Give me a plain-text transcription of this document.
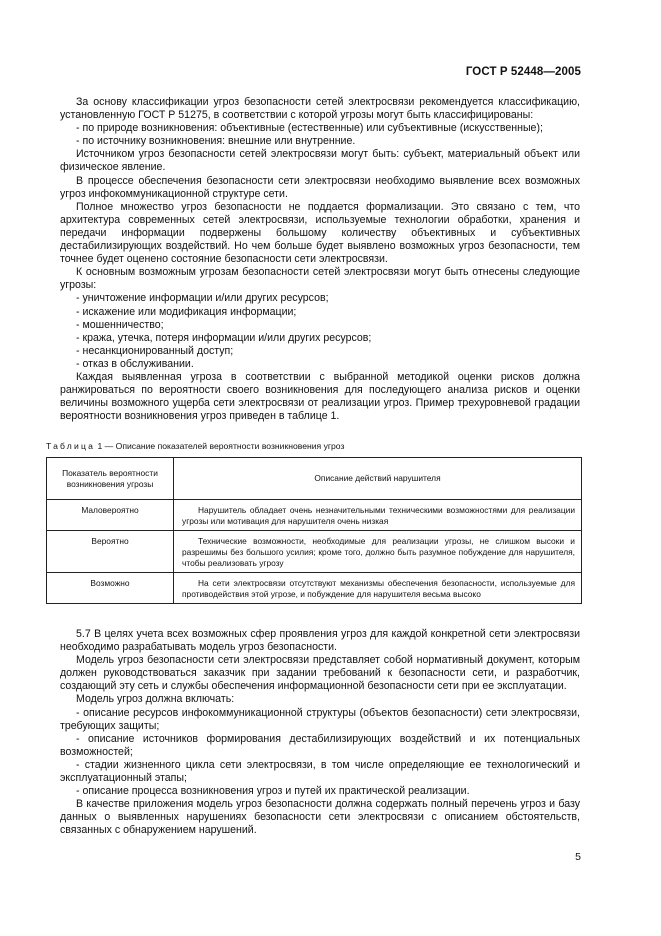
ГОСТ Р 52448—2005

За основу классификации угроз безопасности сетей электросвязи рекомендуется классификацию, установленную ГОСТ Р 51275, в соответствии с которой угрозы могут быть классифицированы:

- по природе возникновения: объективные (естественные) или субъективные (искусственные);

- по источнику возникновения: внешние или внутренние.

Источником угроз безопасности сетей электросвязи могут быть: субъект, материальный объект или физическое явление.

В процессе обеспечения безопасности сети электросвязи необходимо выявление всех возможных угроз инфокоммуникационной структуре сети.

Полное множество угроз безопасности не поддается формализации. Это связано с тем, что архитектура современных сетей электросвязи, используемые технологии обработки, хранения и передачи информации подвержены большому количеству объективных и субъективных дестабилизирующих воздействий. Но чем больше будет выявлено возможных угроз безопасности, тем точнее будет оценено состояние безопасности сети электросвязи.

К основным возможным угрозам безопасности сетей электросвязи могут быть отнесены следующие угрозы:

- уничтожение информации и/или других ресурсов;

- искажение или модификация информации;

- мошенничество;

- кража, утечка, потеря информации и/или других ресурсов;

- несанкционированный доступ;

- отказ в обслуживании.

Каждая выявленная угроза в соответствии с выбранной методикой оценки рисков должна ранжироваться по вероятности своего возникновения для последующего анализа рисков и оценки величины возможного ущерба сети электросвязи от реализации угроз. Пример трехуровневой градации вероятности возникновения угроз приведен в таблице 1.

Таблица 1 — Описание показателей вероятности возникновения угроз
Показатель вероятности возникновения угрозы	Описание действий нарушителя

Маловероятно	Нарушитель обладает очень незначительными техническими возможностями для реализации угрозы или мотивация для нарушителя очень низкая

Вероятно	Технические возможности, необходимые для реализации угрозы, не слишком высоки и разрешимы без большого усилия; кроме того, должно быть разумное побуждение для нарушителя, чтобы реализовать угрозу

Возможно	На сети электросвязи отсутствуют механизмы обеспечения безопасности, используемые для противодействия этой угрозе, и побуждение для нарушителя весьма высоко

5.7 В целях учета всех возможных сфер проявления угроз для каждой конкретной сети электросвязи необходимо разрабатывать модель угроз безопасности.

Модель угроз безопасности сети электросвязи представляет собой нормативный документ, которым должен руководствоваться заказчик при задании требований к безопасности сети, и разработчик, создающий эту сеть и службы обеспечения информационной безопасности сети при ее эксплуатации.

Модель угроз должна включать:

- описание ресурсов инфокоммуникационной структуры (объектов безопасности) сети электросвязи, требующих защиты;

- описание источников формирования дестабилизирующих воздействий и их потенциальных возможностей;

- стадии жизненного цикла сети электросвязи, в том числе определяющие ее технологический и эксплуатационный этапы;

- описание процесса возникновения угроз и путей их практической реализации.

В качестве приложения модель угроз безопасности должна содержать полный перечень угроз и базу данных о выявленных нарушениях безопасности сети электросвязи с описанием обстоятельств, связанных с обнаружением нарушений.

5
